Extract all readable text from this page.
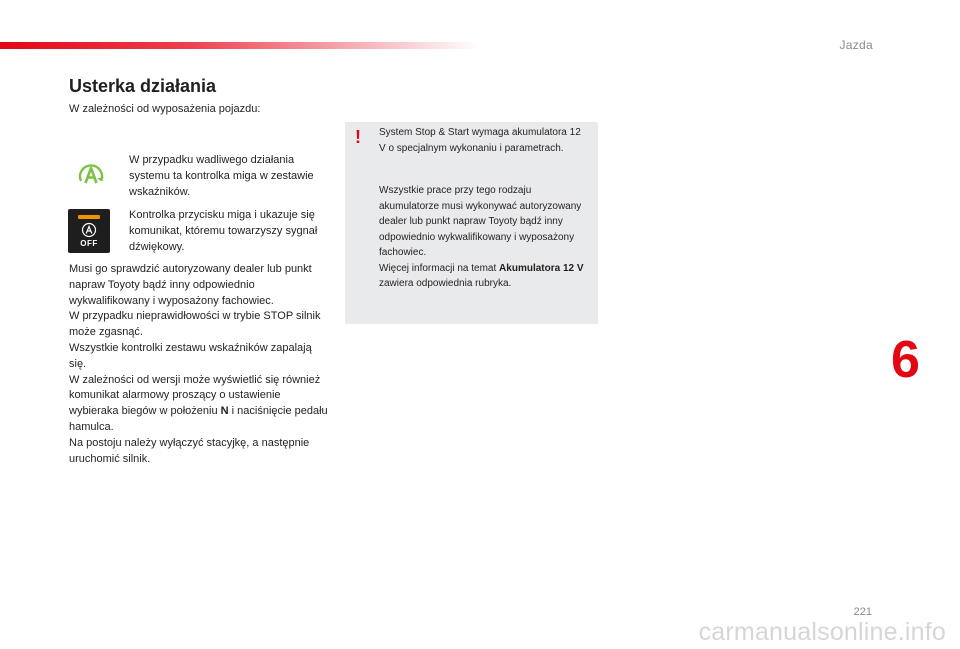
Jazda
Usterka działania
W zależności od wyposażenia pojazdu:
W przypadku wadliwego działania systemu ta kontrolka miga w zestawie wskaźników.
OFF
Kontrolka przycisku miga i ukazuje się komunikat, któremu towarzyszy sygnał dźwiękowy.
Musi go sprawdzić autoryzowany dealer lub punkt napraw Toyoty bądź inny odpowiednio wykwalifikowany i wyposażony fachowiec.
W przypadku nieprawidłowości w trybie STOP silnik może zgasnąć.
Wszystkie kontrolki zestawu wskaźników zapalają się.
W zależności od wersji może wyświetlić się również komunikat alarmowy proszący o ustawienie wybieraka biegów w położeniu N i naciśnięcie pedału hamulca.
Na postoju należy wyłączyć stacyjkę, a następnie uruchomić silnik.
! System Stop & Start wymaga akumulatora 12 V o specjalnym wykonaniu i parametrach.
Wszystkie prace przy tego rodzaju akumulatorze musi wykonywać autoryzowany dealer lub punkt napraw Toyoty bądź inny odpowiednio wykwalifikowany i wyposażony fachowiec.
Więcej informacji na temat Akumulatora 12 V zawiera odpowiednia rubryka.
6
221
carmanualsonline.info
